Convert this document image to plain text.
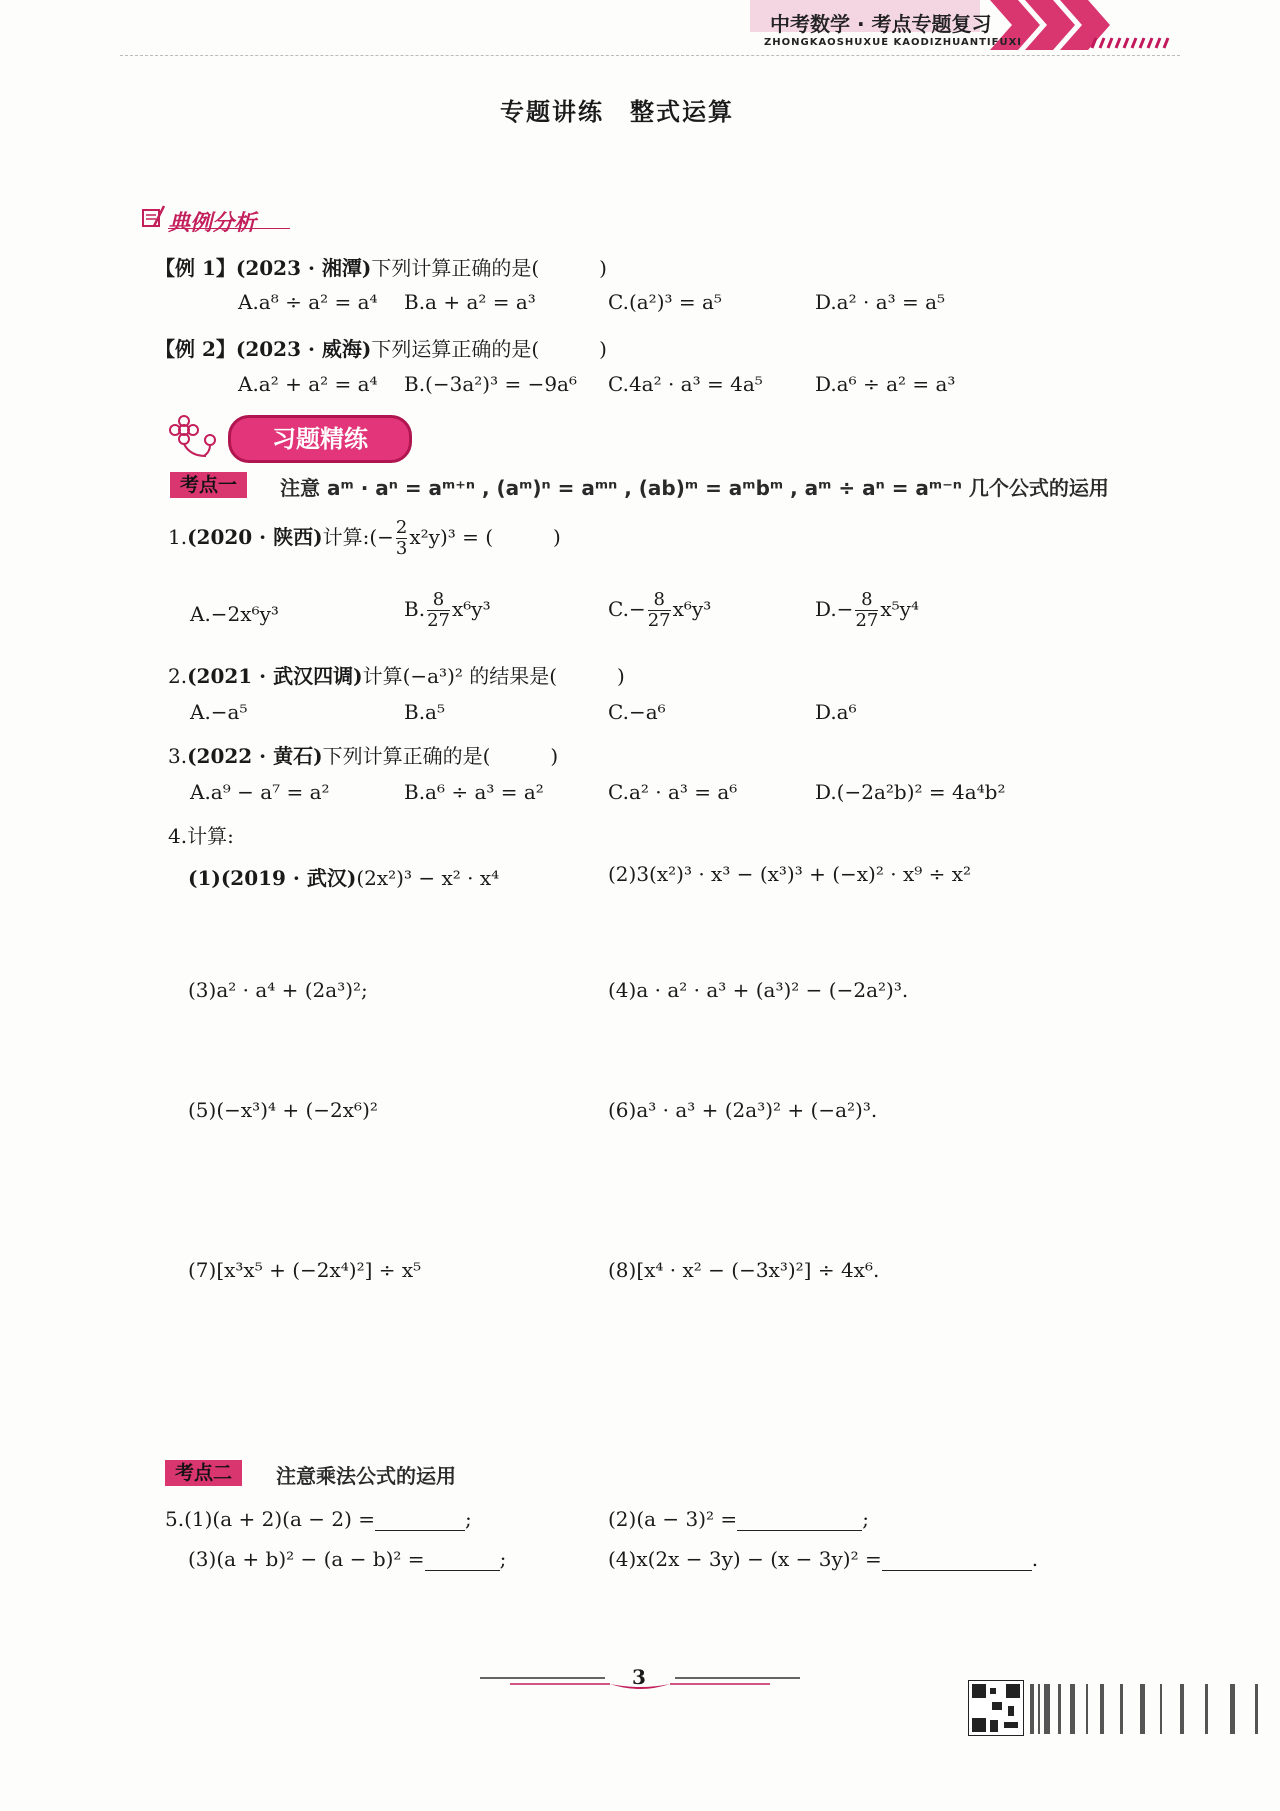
中考数学 · 考点专题复习
ZHONGKAOSHUXUE KAODIZHUANTIFUXI
专题讲练　整式运算
典例分析
【例 1】(2023 · 湘潭)下列计算正确的是(　　　)
A.a⁸ ÷ a² = a⁴ B.a + a² = a³	C.(a²)³ = a⁵	D.a² · a³ = a⁵
【例 2】(2023 · 威海)下列运算正确的是(　　　)
A.a² + a² = a⁴ B.(−3a²)³ = −9a⁶ C.4a² · a³ = 4a⁵	D.a⁶ ÷ a² = a³
习题精练
考点一	注意 aᵐ · aⁿ = aᵐ⁺ⁿ , (aᵐ)ⁿ = aᵐⁿ , (ab)ᵐ = aᵐbᵐ , aᵐ ÷ aⁿ = aᵐ⁻ⁿ 几个公式的运用
1.(2020 · 陕西)计算:(− $\frac{2}{3} x^2y)^3$ = (　　　)
A.−2x⁶y³	B. $\frac{8}{27} x^6y^3$	$C.- \frac{8}{27} x^6y^3$	$D.- \frac{8}{27} x^5y^4$
2.(2021 · 武汉四调)计算(−a³)² 的结果是(　　　)
A.−a⁵	B.a⁵	C.−a⁶	D.a⁶
3.(2022 · 黄石)下列计算正确的是(　　　)
A.a⁹ − a⁷ = a²	B.a⁶ ÷ a³ = a²	C.a² · a³ = a⁶	D.(−2a²b)² = 4a⁴b²
4.计算:
(1)(2019 · 武汉)(2x²)³ − x² · x⁴	(2)3(x²)³ · x³ − (x³)³ + (−x)² · x⁹ ÷ x²
(3)a² · a⁴ + (2a³)²;	(4)a · a² · a³ + (a³)² − (−2a²)³.
(5)(−x³)⁴ + (−2x⁶)²	(6)a³ · a³ + (2a³)² + (−a²)³.
(7)[x³x⁵ + (−2x⁴)²] ÷ x⁵	(8)[x⁴ · x² − (−3x³)²] ÷ 4x⁶.
考点二	注意乘法公式的运用
5.(1)(a + 2)(a − 2) =	;	(2)(a − 3)² =	;
(3)(a + b)² − (a − b)² =	;	(4)x(2x − 3y) − (x − 3y)² =	.
3
